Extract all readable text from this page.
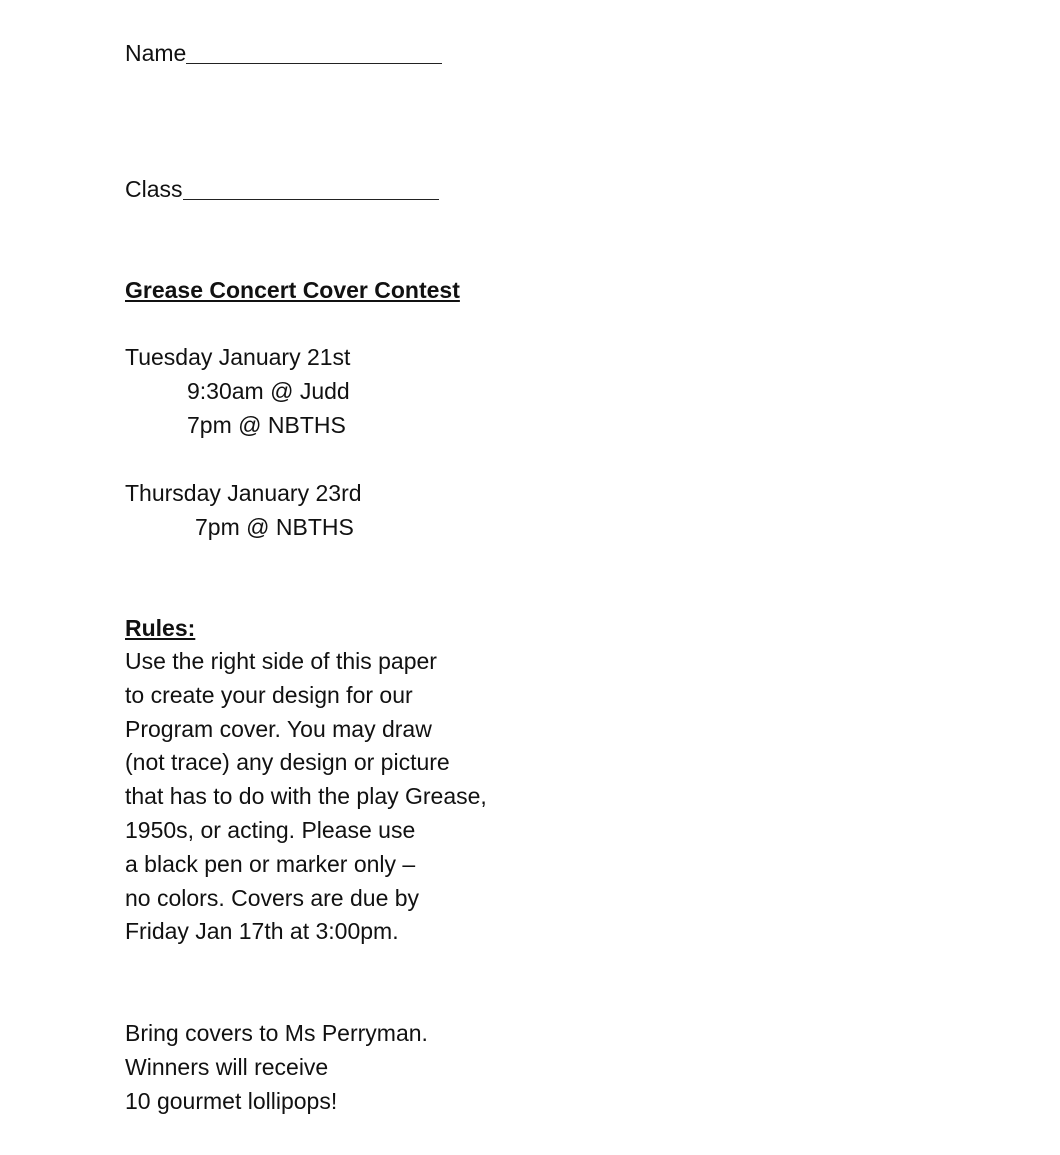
Name
Class
Grease Concert Cover Contest
Tuesday January 21st
9:30am @ Judd
7pm @ NBTHS
Thursday January 23rd
7pm @ NBTHS
Rules:
Use the right side of this paper
to create your design for our
Program cover. You may draw
(not trace) any design or picture
that has to do with the play Grease,
1950s, or acting. Please use
a black pen or marker only –
no colors. Covers are due by
Friday Jan 17th at 3:00pm.
Bring covers to Ms Perryman.
Winners will receive
10 gourmet lollipops!
